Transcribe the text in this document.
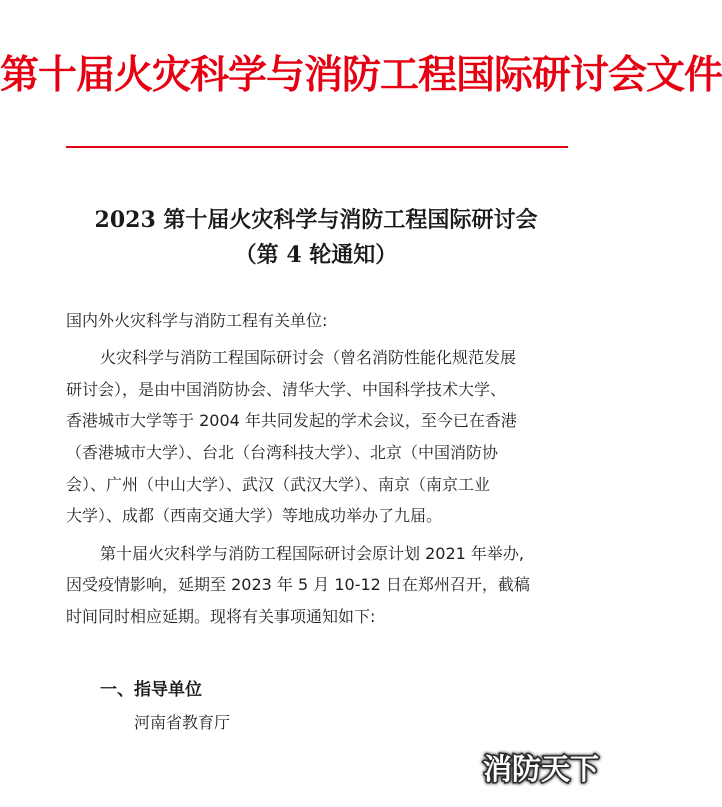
第十届火灾科学与消防工程国际研讨会文件
2023 第十届火灾科学与消防工程国际研讨会
（第 4 轮通知）
国内外火灾科学与消防工程有关单位:
火灾科学与消防工程国际研讨会（曾名消防性能化规范发展
研讨会），是由中国消防协会、清华大学、中国科学技术大学、
香港城市大学等于 2004 年共同发起的学术会议，至今已在香港
（香港城市大学）、台北（台湾科技大学）、北京（中国消防协
会）、广州（中山大学）、武汉（武汉大学）、南京（南京工业
大学）、成都（西南交通大学）等地成功举办了九届。
第十届火灾科学与消防工程国际研讨会原计划 2021 年举办,
因受疫情影响，延期至 2023 年 5 月 10-12 日在郑州召开，截稿
时间同时相应延期。现将有关事项通知如下:
一、指导单位
河南省教育厅
消防天下
